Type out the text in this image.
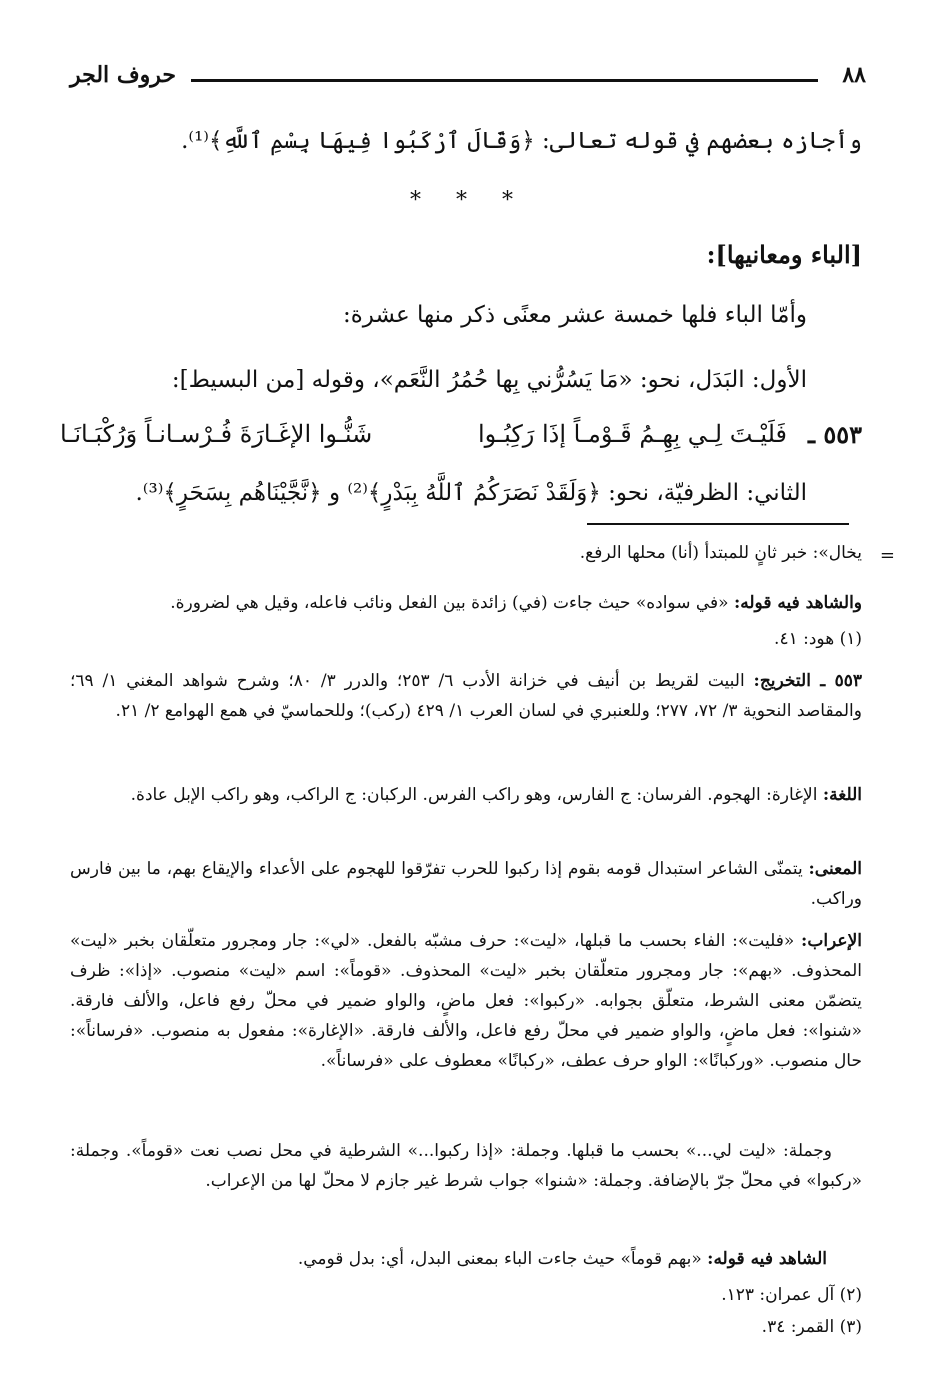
٨٨
حروف الجر
وأجازه بعضهم في قوله تعالى: ﴿وَقَالَ ٱرْكَبُوا فِيهَا بِسْمِ ٱللَّهِ﴾⁽¹⁾.
* * *
[الباء ومعانيها]:
وأمّا الباء فلها خمسة عشر معنًى ذكر منها عشرة:
الأول: البَدَل، نحو: «مَا يَسُرُّني بِها حُمُرُ النَّعَم»، وقوله [من البسيط]:
٥٥٣ ـ
فَلَيْـتَ لِـي بِهِـمُ قَـوْمـاً إذَا رَكِبُـوا
شَنُّـوا الإغَـارَةَ فُـرْسـانـاً وَرُكْبَـانَـا
الثاني: الظرفيّة، نحو: ﴿وَلَقَدْ نَصَرَكُمُ ٱللَّهُ بِبَدْرٍ﴾⁽²⁾ و ﴿نَّجَّيْنَاهُم بِسَحَرٍ﴾⁽³⁾.
=
يخال»: خبر ثانٍ للمبتدأ (أنا) محلها الرفع.
والشاهد فيه قوله: «في سواده» حيث جاءت (في) زائدة بين الفعل ونائب فاعله، وقيل هي لضرورة.
(١) هود: ٤١.
٥٥٣ ـ التخريج: البيت لقريط بن أنيف في خزانة الأدب ٦/ ٢٥٣؛ والدرر ٣/ ٨٠؛ وشرح شواهد المغني ١/ ٦٩؛ والمقاصد النحوية ٣/ ٧٢، ٢٧٧؛ وللعنبري في لسان العرب ١/ ٤٢٩ (ركب)؛ وللحماسيّ في همع الهوامع ٢/ ٢١.
اللغة: الإغارة: الهجوم. الفرسان: ج الفارس، وهو راكب الفرس. الركبان: ج الراكب، وهو راكب الإبل عادة.
المعنى: يتمنّى الشاعر استبدال قومه بقوم إذا ركبوا للحرب تفرّقوا للهجوم على الأعداء والإيقاع بهم، ما بين فارس وراكب.
الإعراب: «فليت»: الفاء بحسب ما قبلها، «ليت»: حرف مشبّه بالفعل. «لي»: جار ومجرور متعلّقان بخبر «ليت» المحذوف. «بهم»: جار ومجرور متعلّقان بخبر «ليت» المحذوف. «قوماً»: اسم «ليت» منصوب. «إذا»: ظرف يتضمّن معنى الشرط، متعلّق بجوابه. «ركبوا»: فعل ماضٍ، والواو ضمير في محلّ رفع فاعل، والألف فارقة. «شنوا»: فعل ماضٍ، والواو ضمير في محلّ رفع فاعل، والألف فارقة. «الإغارة»: مفعول به منصوب. «فرساناً»: حال منصوب. «وركبانًا»: الواو حرف عطف، «ركبانًا» معطوف على «فرساناً».
وجملة: «ليت لي...» بحسب ما قبلها. وجملة: «إذا ركبوا...» الشرطية في محل نصب نعت «قوماً». وجملة: «ركبوا» في محلّ جرّ بالإضافة. وجملة: «شنوا» جواب شرط غير جازم لا محلّ لها من الإعراب.
الشاهد فيه قوله: «بهم قوماً» حيث جاءت الباء بمعنى البدل، أي: بدل قومي.
(٢) آل عمران: ١٢٣.
(٣) القمر: ٣٤.
